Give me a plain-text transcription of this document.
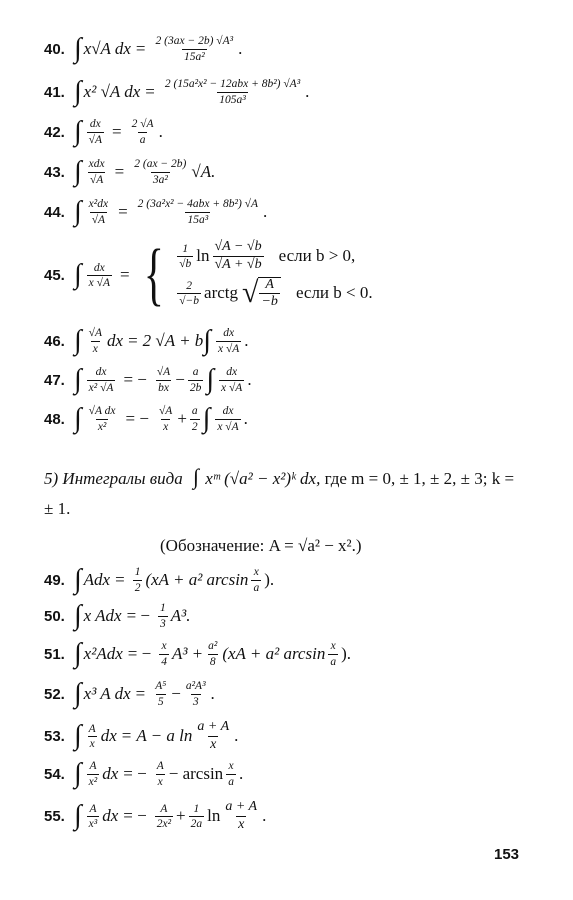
40. ∫ x√A dx = $\frac{\text{2 (3ax − 2b) √A³}}{\text{15a²}}$ .
41. ∫ x² √A dx = $\frac{\text{2 (15a²x² − 12abx + 8b²) √A³}}{\text{105a³}}$ .
42. ∫ $\frac{dx}{√A} = \frac{2 √A}{a}$ .
43. ∫ $\frac{\text{xdx}}{√A} = \frac{2 (ax - 2b)}{\text{3a²}} √A$.
44. ∫ $\frac{\text{x²dx}}{√A} = \frac{\text{2 (3a²x² − 4abx + 8b²) √A}}{\text{15a³}}$ .
45. ∫ $\frac{dx}{x √A}$ = { $\frac{1}{√b}$ $\ln \frac{√A - √b}{√A + √b}$ если b > 0,
$\frac{2}{√-b}$ arctg √ $\frac{A}{-b}$ если b < 0.
46. ∫ $\frac{√A}{x}$ dx = 2 √A + b ∫ $\frac{dx}{x √A}$ .
47. ∫ $\frac{dx}{\text{x² √A}}$ = − $\frac{√A}{bx} - \frac{a}{2b}$ ∫ $\frac{dx}{x √A}$ .
48. ∫ $\frac{\text{√A dx}}{\text{x²}}$ = − $\frac{√A}{x} + \frac{a}{2}$ ∫ $\frac{dx}{x √A}$ .
5) Интегралы вида ∫ xᵐ (√a² − x²)ᵏ dx, где m = 0, ± 1, ± 2, ± 3; k = ± 1.
(Обозначение: A = √a² − x².)
49. ∫ Adx = $\frac{1}{2} (xA + a^2$ $\arcsin \frac{x}{a}$ ).
50. ∫ x Adx = − $\frac{1}{3} A^3$.
51. ∫ x²Adx = − $\frac{x}{4} A^3 + \frac{\text{a²}}{8} (xA + a^2$ $\arcsin \frac{x}{a}$ ).
52. ∫ x³ A dx = $\frac{\text{A⁵}}{5} - \frac{\text{a²A³}}{3}$ .
53. ∫ $\frac{A}{x}$ dx = A − a $\ln \frac{a + A}{x}$ .
54. ∫ $\frac{A}{\text{x²}}$ dx = − $\frac{A}{x} - \arcsin \frac{x}{a}$ .
55. ∫ $\frac{A}{\text{x³}}$ dx = − $\frac{A}{\text{2x²}} + \frac{1}{2a}$ $\ln \frac{a + A}{x}$ .
153
